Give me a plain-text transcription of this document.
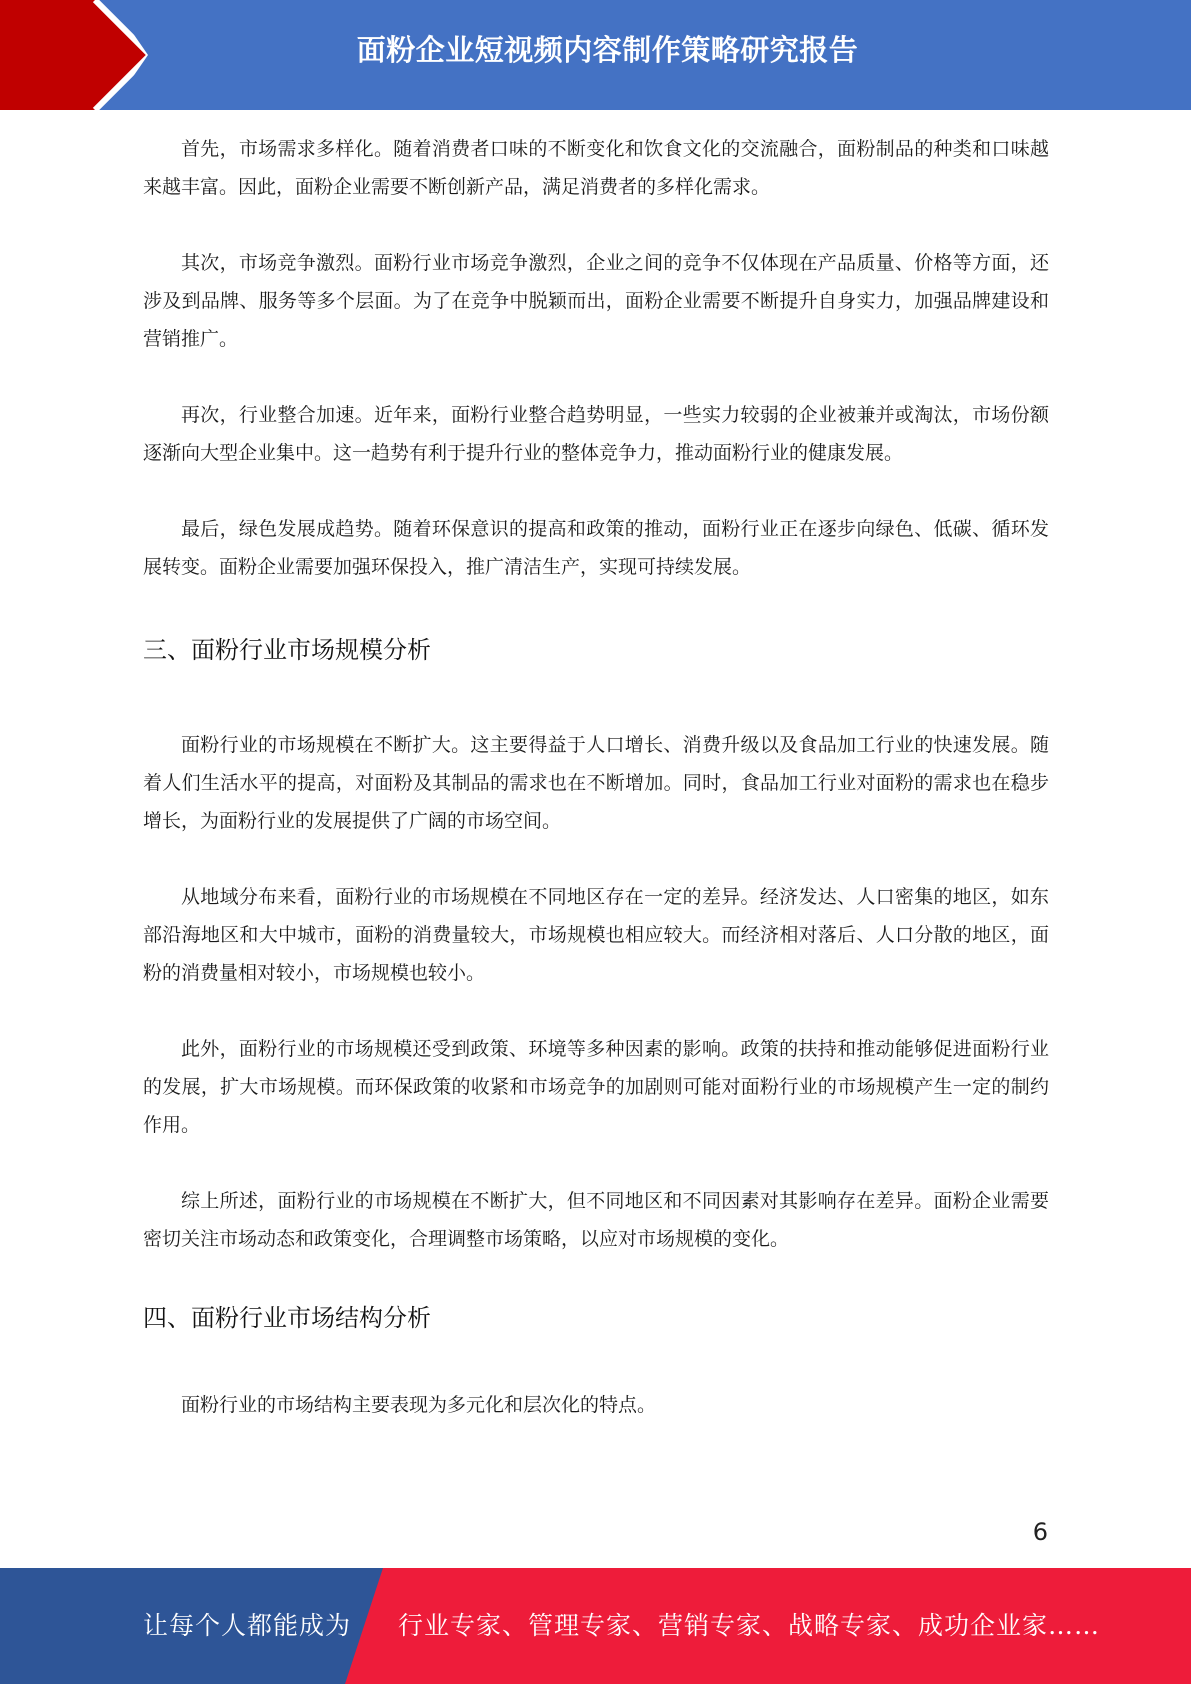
面粉企业短视频内容制作策略研究报告

首先，市场需求多样化。随着消费者口味的不断变化和饮食文化的交流融合，面粉制品的种类和口味越来越丰富。因此，面粉企业需要不断创新产品，满足消费者的多样化需求。

其次，市场竞争激烈。面粉行业市场竞争激烈，企业之间的竞争不仅体现在产品质量、价格等方面，还涉及到品牌、服务等多个层面。为了在竞争中脱颖而出，面粉企业需要不断提升自身实力，加强品牌建设和营销推广。

再次，行业整合加速。近年来，面粉行业整合趋势明显，一些实力较弱的企业被兼并或淘汰，市场份额逐渐向大型企业集中。这一趋势有利于提升行业的整体竞争力，推动面粉行业的健康发展。

最后，绿色发展成趋势。随着环保意识的提高和政策的推动，面粉行业正在逐步向绿色、低碳、循环发展转变。面粉企业需要加强环保投入，推广清洁生产，实现可持续发展。

三、面粉行业市场规模分析

面粉行业的市场规模在不断扩大。这主要得益于人口增长、消费升级以及食品加工行业的快速发展。随着人们生活水平的提高，对面粉及其制品的需求也在不断增加。同时，食品加工行业对面粉的需求也在稳步增长，为面粉行业的发展提供了广阔的市场空间。

从地域分布来看，面粉行业的市场规模在不同地区存在一定的差异。经济发达、人口密集的地区，如东部沿海地区和大中城市，面粉的消费量较大，市场规模也相应较大。而经济相对落后、人口分散的地区，面粉的消费量相对较小，市场规模也较小。

此外，面粉行业的市场规模还受到政策、环境等多种因素的影响。政策的扶持和推动能够促进面粉行业的发展，扩大市场规模。而环保政策的收紧和市场竞争的加剧则可能对面粉行业的市场规模产生一定的制约作用。

综上所述，面粉行业的市场规模在不断扩大，但不同地区和不同因素对其影响存在差异。面粉企业需要密切关注市场动态和政策变化，合理调整市场策略，以应对市场规模的变化。

四、面粉行业市场结构分析

面粉行业的市场结构主要表现为多元化和层次化的特点。

6
让每个人都能成为 行业专家、管理专家、营销专家、战略专家、成功企业家……
